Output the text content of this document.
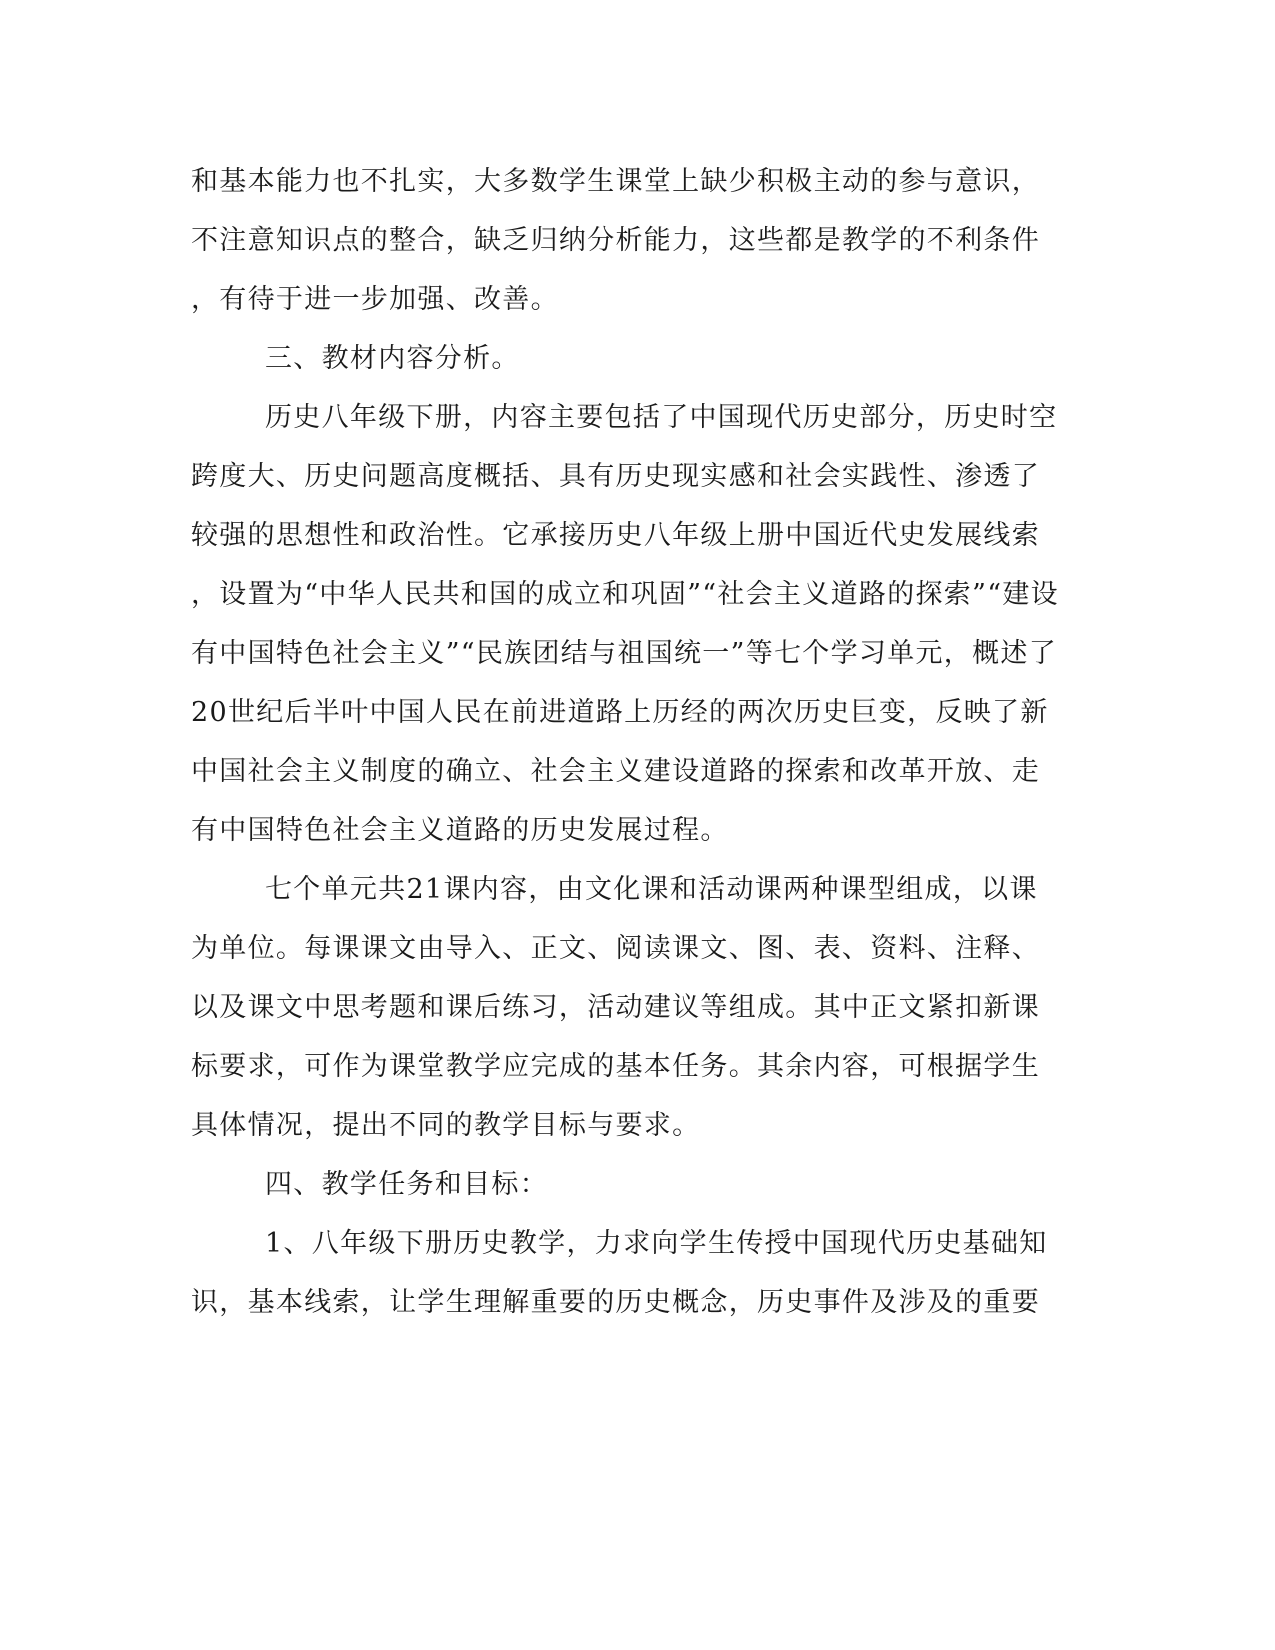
和基本能力也不扎实，大多数学生课堂上缺少积极主动的参与意识，
不注意知识点的整合，缺乏归纳分析能力，这些都是教学的不利条件
，有待于进一步加强、改善。
三、教材内容分析。
历史八年级下册，内容主要包括了中国现代历史部分，历史时空
跨度大、历史问题高度概括、具有历史现实感和社会实践性、渗透了
较强的思想性和政治性。它承接历史八年级上册中国近代史发展线索
，设置为“中华人民共和国的成立和巩固”“社会主义道路的探索”“建设
有中国特色社会主义”“民族团结与祖国统一”等七个学习单元，概述了
20世纪后半叶中国人民在前进道路上历经的两次历史巨变，反映了新
中国社会主义制度的确立、社会主义建设道路的探索和改革开放、走
有中国特色社会主义道路的历史发展过程。
七个单元共21课内容，由文化课和活动课两种课型组成，以课
为单位。每课课文由导入、正文、阅读课文、图、表、资料、注释、
以及课文中思考题和课后练习，活动建议等组成。其中正文紧扣新课
标要求，可作为课堂教学应完成的基本任务。其余内容，可根据学生
具体情况，提出不同的教学目标与要求。
四、教学任务和目标：
1、八年级下册历史教学，力求向学生传授中国现代历史基础知
识，基本线索，让学生理解重要的历史概念，历史事件及涉及的重要
